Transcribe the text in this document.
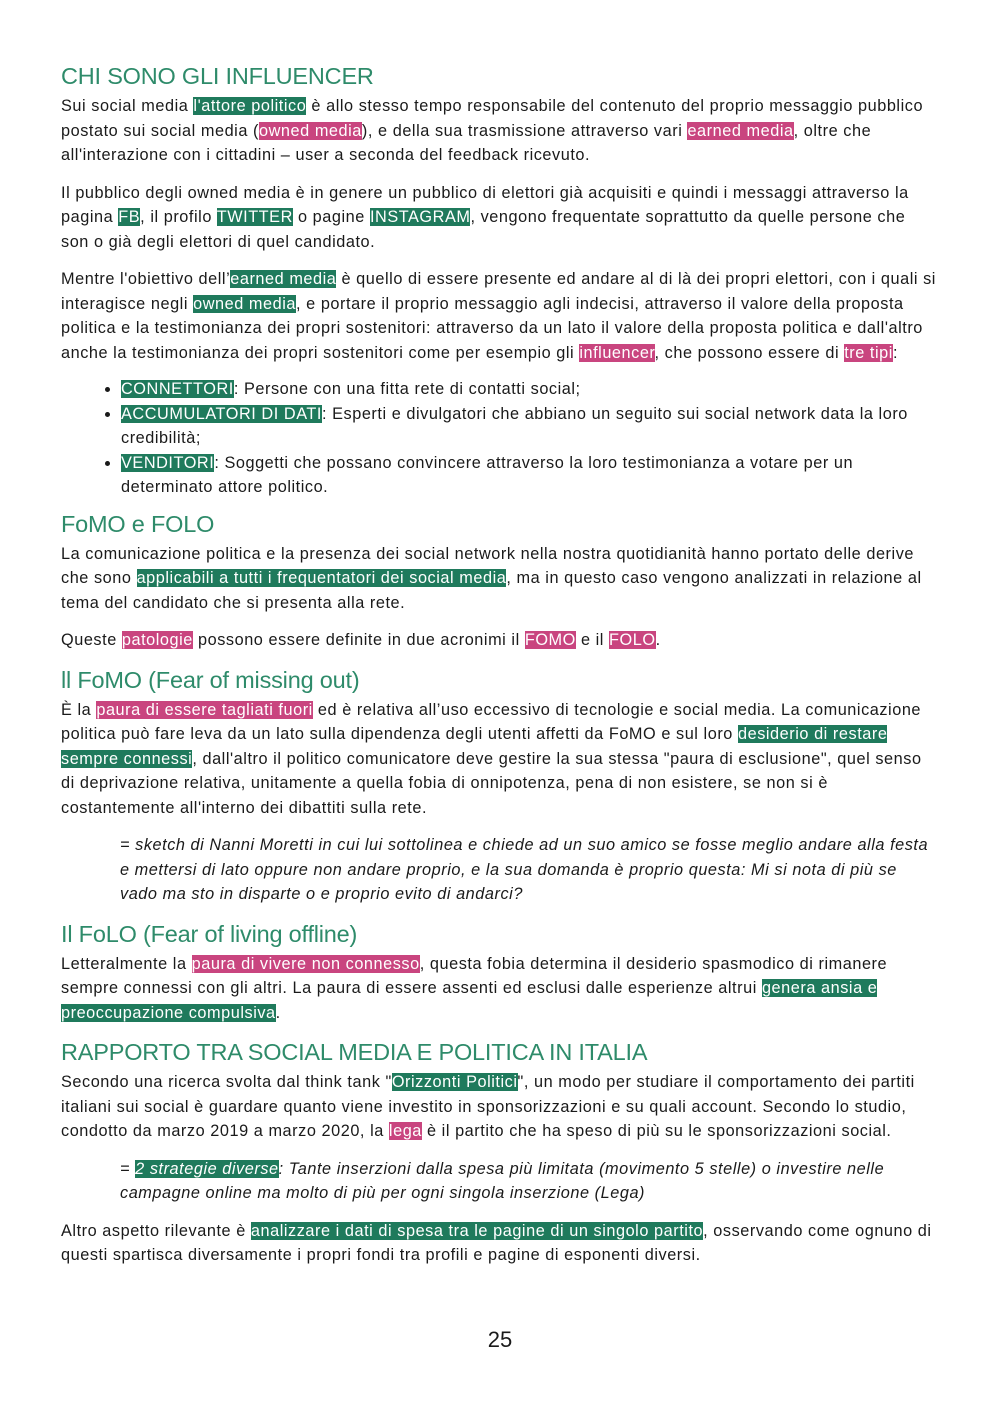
CHI SONO GLI INFLUENCER

Sui social media l'attore politico è allo stesso tempo responsabile del contenuto del proprio messaggio pubblico postato sui social media (owned media), e della sua trasmissione attraverso vari earned media, oltre che all'interazione con i cittadini – user a seconda del feedback ricevuto.

Il pubblico degli owned media è in genere un pubblico di elettori già acquisiti e quindi i messaggi attraverso la pagina FB, il profilo TWITTER o pagine INSTAGRAM, vengono frequentate soprattutto da quelle persone che son o già degli elettori di quel candidato.

Mentre l'obiettivo dell’earned media è quello di essere presente ed andare al di là dei propri elettori, con i quali si interagisce negli owned media, e portare il proprio messaggio agli indecisi, attraverso il valore della proposta politica e la testimonianza dei propri sostenitori: attraverso da un lato il valore della proposta politica e dall'altro anche la testimonianza dei propri sostenitori come per esempio gli influencer, che possono essere di tre tipi:

• CONNETTORI: Persone con una fitta rete di contatti social;
• ACCUMULATORI DI DATI: Esperti e divulgatori che abbiano un seguito sui social network data la loro credibilità;
• VENDITORI: Soggetti che possano convincere attraverso la loro testimonianza a votare per un determinato attore politico.
FoMO e FOLO

La comunicazione politica e la presenza dei social network nella nostra quotidianità hanno portato delle derive che sono applicabili a tutti i frequentatori dei social media, ma in questo caso vengono analizzati in relazione al tema del candidato che si presenta alla rete.

Queste patologie possono essere definite in due acronimi il FOMO e il FOLO.

ll FoMO (Fear of missing out)

È la paura di essere tagliati fuori ed è relativa all’uso eccessivo di tecnologie e social media. La comunicazione politica può fare leva da un lato sulla dipendenza degli utenti affetti da FoMO e sul loro desiderio di restare sempre connessi, dall'altro il politico comunicatore deve gestire la sua stessa "paura di esclusione", quel senso di deprivazione relativa, unitamente a quella fobia di onnipotenza, pena di non esistere, se non si è costantemente all'interno dei dibattiti sulla rete.

= sketch di Nanni Moretti in cui lui sottolinea e chiede ad un suo amico se fosse meglio andare alla festa e mettersi di lato oppure non andare proprio, e la sua domanda è proprio questa: Mi si nota di più se vado ma sto in disparte o e proprio evito di andarci?

Il FoLO (Fear of living offline)

Letteralmente la paura di vivere non connesso, questa fobia determina il desiderio spasmodico di rimanere sempre connessi con gli altri. La paura di essere assenti ed esclusi dalle esperienze altrui genera ansia e preoccupazione compulsiva.

RAPPORTO TRA SOCIAL MEDIA E POLITICA IN ITALIA

Secondo una ricerca svolta dal think tank "Orizzonti Politici", un modo per studiare il comportamento dei partiti italiani sui social è guardare quanto viene investito in sponsorizzazioni e su quali account. Secondo lo studio, condotto da marzo 2019 a marzo 2020, la lega è il partito che ha speso di più su le sponsorizzazioni social.

= 2 strategie diverse: Tante inserzioni dalla spesa più limitata (movimento 5 stelle) o investire nelle campagne online ma molto di più per ogni singola inserzione (Lega)

Altro aspetto rilevante è analizzare i dati di spesa tra le pagine di un singolo partito, osservando come ognuno di questi spartisca diversamente i propri fondi tra profili e pagine di esponenti diversi.

25
